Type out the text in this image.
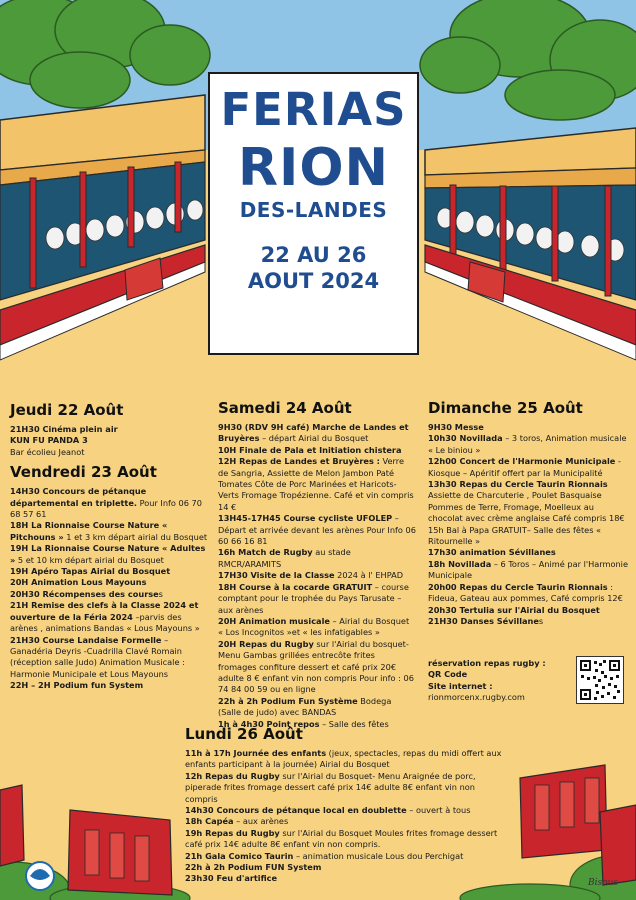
FERIAS
RION
DES-LANDES
22 AU 26
AOUT 2024
Jeudi 22 Août

21H30 Cinéma plein air

KUN FU PANDA 3

Bar écolieu Jeanot

Vendredi 23 Août

14H30 Concours de pétanque départemental en triplette. Pour Info 06 70 68 57 61

18H La Rionnaise Course Nature « Pitchouns » 1 et 3 km départ airial du Bosquet

19H La Rionnaise Course Nature « Adultes » 5 et 10 km départ airial du Bosquet

19H Apéro Tapas Airial du Bosquet

20H Animation Lous Mayouns

20H30 Récompenses des courses

21H Remise des clefs à la Classe 2024 et ouverture de la Féria 2024 –parvis des arènes , animations Bandas « Lous Mayouns »

21H30 Course Landaise Formelle –Ganadéria Deyris -Cuadrilla Clavé Romain (réception salle Judo) Animation Musicale : Harmonie Municipale et Lous Mayouns

22H – 2H Podium fun System

Samedi 24 Août

9H30 (RDV 9H café) Marche de Landes et Bruyères – départ Airial du Bosquet

10H Finale de Pala et Initiation chistera

12H Repas de Landes et Bruyères : Verre de Sangria, Assiette de Melon Jambon Paté Tomates Côte de Porc Marinées et Haricots-Verts Fromage Tropézienne. Café et vin compris 14 €

13H45-17H45 Course cycliste UFOLEP – Départ et arrivée devant les arènes Pour Info 06 60 66 16 81

16h Match de Rugby au stade RMCR/ARAMITS

17H30 Visite de la Classe 2024 à l' EHPAD

18H Course à la cocarde GRATUIT – course comptant pour le trophée du Pays Tarusate – aux arènes

20H Animation musicale – Airial du Bosquet « Los Incognitos »et « les infatigables »

20H Repas du Rugby sur l'Airial du bosquet- Menu Gambas grillées entrecôte frites fromages confiture dessert et café prix 20€ adulte 8 € enfant vin non compris Pour info : 06 74 84 00 59 ou en ligne

22h à 2h Podium Fun Système Bodega (Salle de judo) avec BANDAS

1h à 4h30 Point repos – Salle des fêtes

Dimanche 25 Août

9H30 Messe

10h30 Novillada – 3 toros, Animation musicale « Le biniou »

12h00 Concert de l'Harmonie Municipale - Kiosque – Apéritif offert par la Municipalité

13h30 Repas du Cercle Taurin Rionnais Assiette de Charcuterie , Poulet Basquaise Pommes de Terre, Fromage, Moelleux au chocolat avec crème anglaise Café compris 18€

15h Bal à Papa GRATUIT– Salle des fêtes « Ritournelle »

17h30 animation Sévillanes

18h Novillada – 6 Toros – Animé par l'Harmonie Municipale

20h00 Repas du Cercle Taurin Rionnais : Fideua, Gateau aux pommes, Café compris 12€

20h30 Tertulia sur l'Airial du Bosquet

21H30 Danses Sévillanes

réservation repas rugby :
QR Code
Site internet :
rionmorcenx.rugby.com
Lundi 26 Août

11h à 17h Journée des enfants (jeux, spectacles, repas du midi offert aux enfants participant à la journée) Airial du Bosquet

12h Repas du Rugby sur l'Airial du Bosquet- Menu Araignée de porc, piperade frites fromage dessert café prix 14€ adulte 8€ enfant vin non compris

14h30 Concours de pétanque local en doublette – ouvert à tous

18h Capéa – aux arènes

19h Repas du Rugby sur l'Airial du Bosquet Moules frites fromage dessert café prix 14€ adulte 8€ enfant vin non compris.

21h Gala Comico Taurin – animation musicale Lous dou Perchigat

22h à 2h Podium FUN System

23h30 Feu d'artifice	Bisous
